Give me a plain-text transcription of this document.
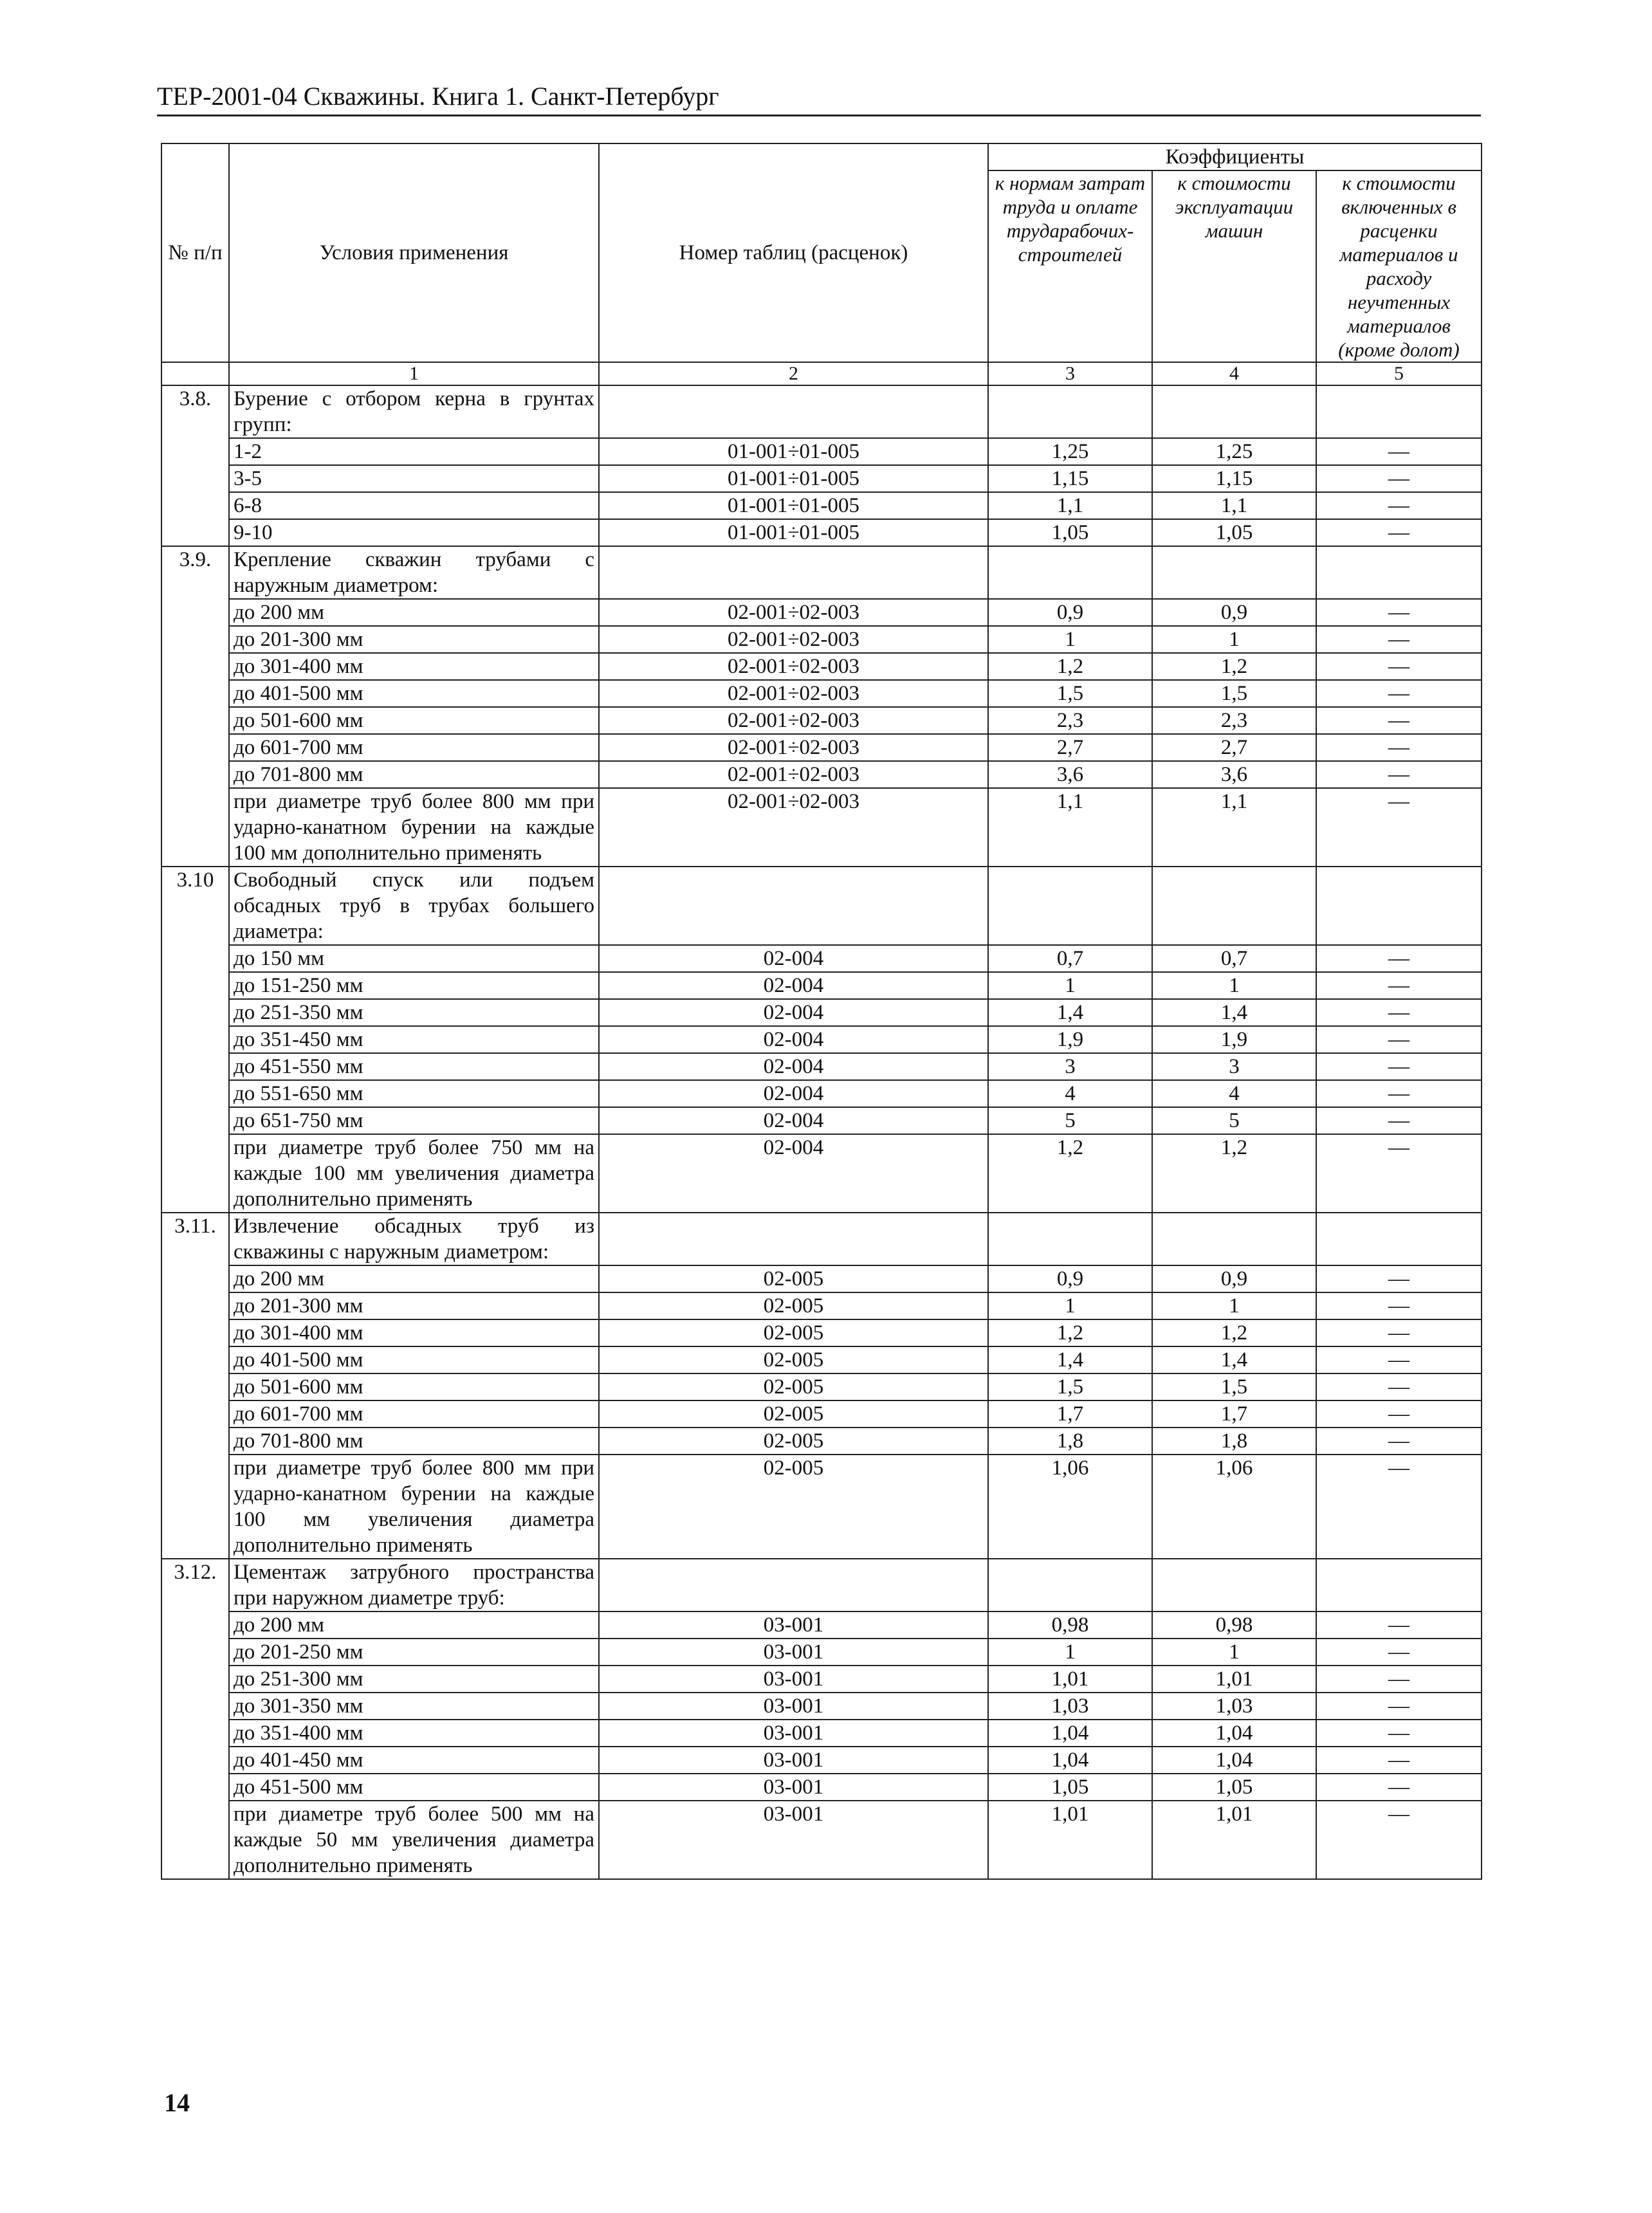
ТЕР-2001-04 Скважины. Книга 1. Санкт-Петербург
№ п/п	Условия применения	Номер таблиц (расценок)	Коэффициенты		
			к нормам затрат труда и оплате трударабочих-строителей	к стоимости эксплуатации машин	к стоимости включенных в расценки материалов и расходу неучтенных материалов (кроме долот)
	1	2	3	4	5
3.8.	Бурение с отбором керна в грунтах групп:				
	1-2	01-001÷01-005	1,25	1,25	—
	3-5	01-001÷01-005	1,15	1,15	—
	6-8	01-001÷01-005	1,1	1,1	—
	9-10	01-001÷01-005	1,05	1,05	—
3.9.	Крепление скважин трубами с наружным диаметром:				
	до 200 мм	02-001÷02-003	0,9	0,9	—
	до 201-300 мм	02-001÷02-003	1	1	—
	до 301-400 мм	02-001÷02-003	1,2	1,2	—
	до 401-500 мм	02-001÷02-003	1,5	1,5	—
	до 501-600 мм	02-001÷02-003	2,3	2,3	—
	до 601-700 мм	02-001÷02-003	2,7	2,7	—
	до 701-800 мм	02-001÷02-003	3,6	3,6	—
	при диаметре труб более 800 мм при ударно-канатном бурении на каждые 100 мм дополнительно применять	02-001÷02-003	1,1	1,1	—
3.10	Свободный спуск или подъем обсадных труб в трубах большего диаметра:				
	до 150 мм	02-004	0,7	0,7	—
	до 151-250 мм	02-004	1	1	—
	до 251-350 мм	02-004	1,4	1,4	—
	до 351-450 мм	02-004	1,9	1,9	—
	до 451-550 мм	02-004	3	3	—
	до 551-650 мм	02-004	4	4	—
	до 651-750 мм	02-004	5	5	—
	при диаметре труб более 750 мм на каждые 100 мм увеличения диаметра дополнительно применять	02-004	1,2	1,2	—
3.11.	Извлечение обсадных труб из скважины с наружным диаметром:				
	до 200 мм	02-005	0,9	0,9	—
	до 201-300 мм	02-005	1	1	—
	до 301-400 мм	02-005	1,2	1,2	—
	до 401-500 мм	02-005	1,4	1,4	—
	до 501-600 мм	02-005	1,5	1,5	—
	до 601-700 мм	02-005	1,7	1,7	—
	до 701-800 мм	02-005	1,8	1,8	—
	при диаметре труб более 800 мм при ударно-канатном бурении на каждые 100 мм увеличения диаметра дополнительно применять	02-005	1,06	1,06	—
3.12.	Цементаж затрубного пространства при наружном диаметре труб:				
	до 200 мм	03-001	0,98	0,98	—
	до 201-250 мм	03-001	1	1	—
	до 251-300 мм	03-001	1,01	1,01	—
	до 301-350 мм	03-001	1,03	1,03	—
	до 351-400 мм	03-001	1,04	1,04	—
	до 401-450 мм	03-001	1,04	1,04	—
	до 451-500 мм	03-001	1,05	1,05	—
	при диаметре труб более 500 мм на каждые 50 мм увеличения диаметра дополнительно применять	03-001	1,01	1,01	—
14
